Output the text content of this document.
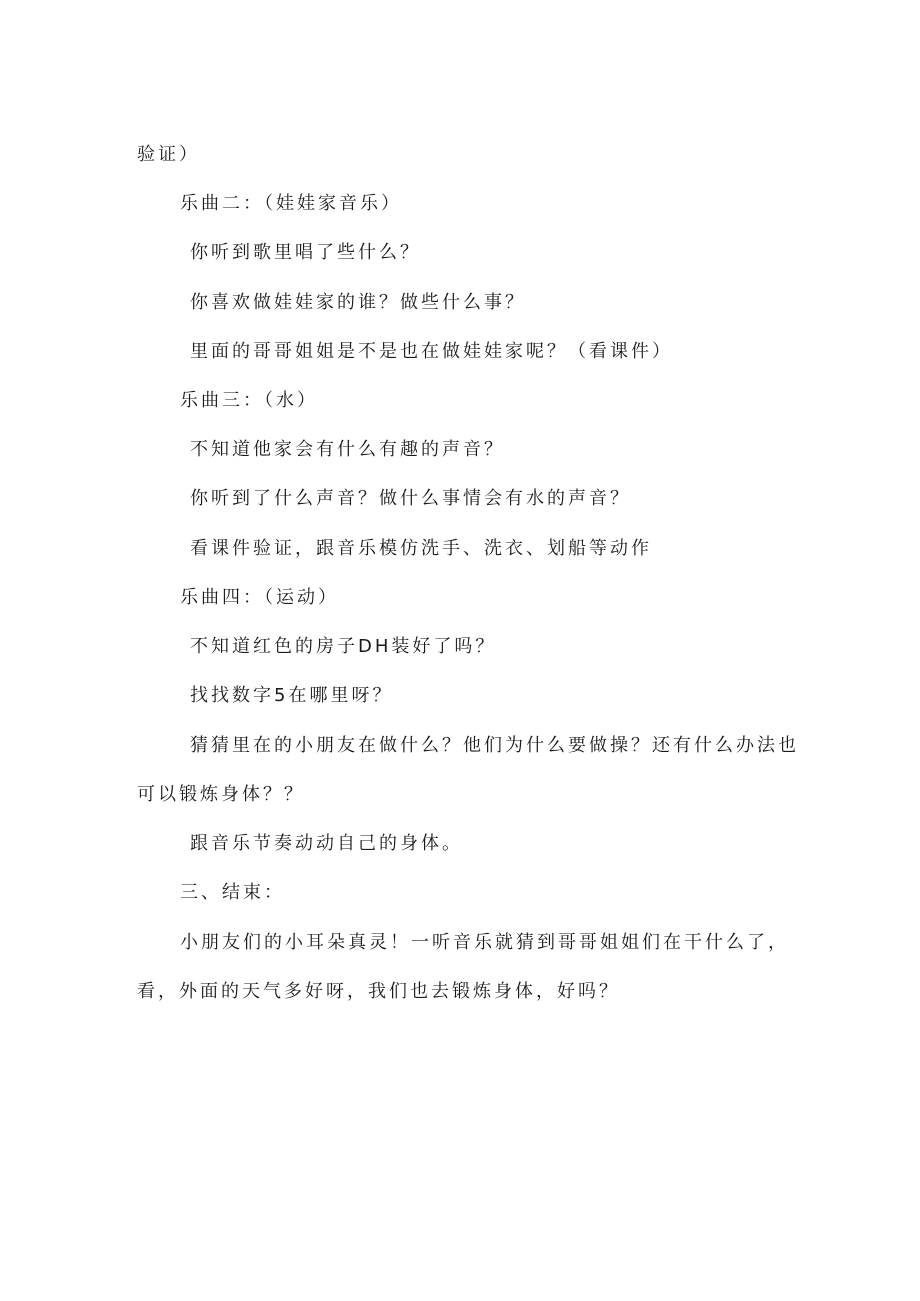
验证）
乐曲二：（娃娃家音乐）
你听到歌里唱了些什么？
你喜欢做娃娃家的谁？做些什么事？
里面的哥哥姐姐是不是也在做娃娃家呢？（看课件）
乐曲三：（水）
不知道他家会有什么有趣的声音？
你听到了什么声音？做什么事情会有水的声音？
看课件验证，跟音乐模仿洗手、洗衣、划船等动作
乐曲四：（运动）
不知道红色的房子DH装好了吗？
找找数字5在哪里呀？
猜猜里在的小朋友在做什么？他们为什么要做操？还有什么办法也
可以锻炼身体？？
跟音乐节奏动动自己的身体。
三、结束：
小朋友们的小耳朵真灵！一听音乐就猜到哥哥姐姐们在干什么了，
看，外面的天气多好呀，我们也去锻炼身体，好吗？
